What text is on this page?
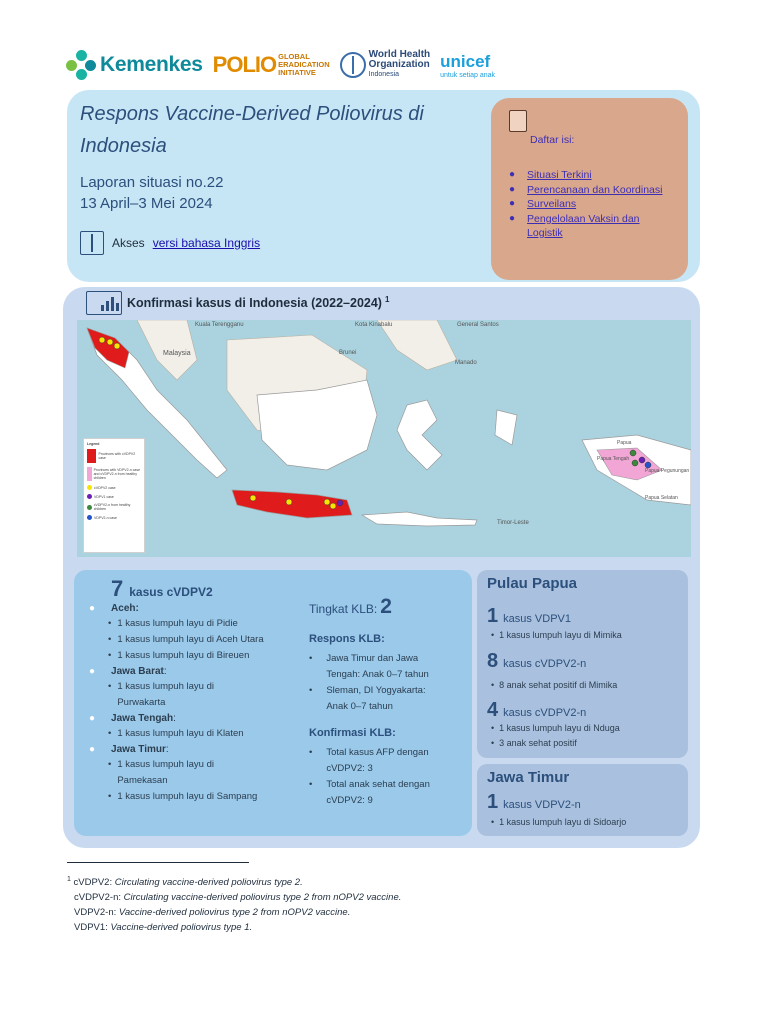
Kemenkes POLIO GLOBAL
ERADICATION
INITIATIVE
World Health
Organization
Indonesia
unicef
untuk setiap anak
Respons Vaccine-Derived Poliovirus di
Indonesia
Laporan situasi no.22
13 April–3 Mei 2024
Akses versi bahasa Inggris
Daftar isi:
● Situasi Terkini
● Perencanaan dan Koordinasi
● Surveilans
● Pengelolaan Vaksin dan
Logistik
Konfirmasi kasus di Indonesia (2022–2024) $^1$
Legend
Provinces with cVDPV2 case
Provinces with VDPV2-n case and cVDPV2-n from healthy children
cVDPV2 case
VDPV1 case
cVDPV2-n from healthy children
VDPV2-n case
Kuala Terengganu	Kota Kinabalu
Malaysia	Brunei
General Santos
Manado
Timor-Leste
Papua
Papua Tengah
Papua Pegunungan
Papua Selatan
7 kasus cVDPV2
● Aceh:
• 1 kasus lumpuh layu di Pidie
• 1 kasus lumpuh layu di Aceh Utara
• 1 kasus lumpuh layu di Bireuen
● Jawa Barat:
• 1 kasus lumpuh layu di
Purwakarta
● Jawa Tengah:
• 1 kasus lumpuh layu di Klaten
● Jawa Timur:
• 1 kasus lumpuh layu di
Pamekasan
• 1 kasus lumpuh layu di Sampang
Tingkat KLB: 2
Respons KLB:
• Jawa Timur dan Jawa
Tengah: Anak 0–7 tahun
• Sleman, DI Yogyakarta:
Anak 0–7 tahun
Konfirmasi KLB:
• Total kasus AFP dengan
cVDPV2: 3
• Total anak sehat dengan
cVDPV2: 9
Pulau Papua
1 kasus VDPV1
• 1 kasus lumpuh layu di Mimika
8 kasus cVDPV2-n
• 8 anak sehat positif di Mimika
4 kasus cVDPV2-n
• 1 kasus lumpuh layu di Nduga
• 3 anak sehat positif
Jawa Timur
1 kasus VDPV2-n
• 1 kasus lumpuh layu di Sidoarjo
$^1$ cVDPV2: Circulating vaccine-derived poliovirus type 2.
cVDPV2-n: Circulating vaccine-derived poliovirus type 2 from nOPV2 vaccine.
VDPV2-n: Vaccine-derived poliovirus type 2 from nOPV2 vaccine.
VDPV1: Vaccine-derived poliovirus type 1.
